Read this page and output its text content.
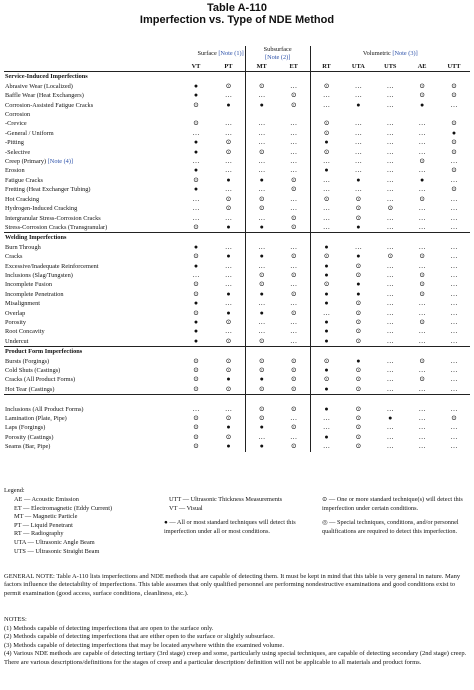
Table A-110
Imperfection vs. Type of NDE Method
	Surface [Note (1)]		Subsurface
[Note (2)]		Volumetric [Note (3)]				
	VT	PT	MT	ET	RT	UTA	UTS	AE	UTT
Service-Induced Imperfections									
Abrasive Wear (Localized)	●	⊙	⊙	…	⊙	…	…	⊙	⊙
Baffle Wear (Heat Exchangers)	●	…	…	⊙	…	…	…	⊙	⊙
Corrosion-Assisted Fatigue Cracks	⊙	●	●	⊙	…	●	…	●	…
Corrosion									
-Crevice	⊙	…	…	…	⊙	…	…	…	⊙
-General / Uniform	…	…	…	…	⊙	…	…	…	●
-Pitting	●	⊙	…	…	●	…	…	…	⊙
-Selective	●	⊙	⊙	…	⊙	…	…	…	⊙
Creep (Primary) [Note (4)]	…	…	…	…	…	…	…	⊙	…
Erosion	●	…	…	…	●	…	…	…	⊙
Fatigue Cracks	⊙	●	●	⊙	…	●	…	●	…
Fretting (Heat Exchanger Tubing)	●	…	…	⊙	…	…	…	…	⊙
Hot Cracking	…	⊙	⊙	…	⊙	⊙	…	⊙	…
Hydrogen-Induced Cracking	…	⊙	⊙	…	…	⊙	⊙	…	…
Intergranular Stress-Corrosion Cracks	…	…	…	⊙	…	⊙	…	…	…
Stress-Corrosion Cracks (Transgranular)	⊙	●	●	⊙	…	●	…	…	…
Welding Imperfections									
Burn Through	●	…	…	…	●	…	…	…	…
Cracks	⊙	●	●	⊙	⊙	●	⊙	⊙	…
Excessive/Inadequate Reinforcement	●	…	…	…	●	⊙	…	…	…
Inclusions (Slag/Tungsten)	…	…	⊙	⊙	●	⊙	…	⊙	…
Incomplete Fusion	⊙	…	⊙	…	⊙	●	…	⊙	…
Incomplete Penetration	⊙	●	●	⊙	●	●	…	⊙	…
Misalignment	●	…	…	…	●	⊙	…	…	…
Overlap	⊙	●	●	⊙	…	⊙	…	…	…
Porosity	●	⊙	…	…	●	⊙	…	⊙	…
Root Concavity	●	…	…	…	●	⊙	…	…	…
Undercut	●	⊙	⊙	…	●	⊙	…	…	…
Product Form Imperfections									
Bursts (Forgings)	⊙	⊙	⊙	⊙	⊙	●	…	⊙	…
Cold Shuts (Castings)	⊙	⊙	⊙	⊙	●	⊙	…	…	…
Cracks (All Product Forms)	⊙	●	●	⊙	⊙	⊙	…	⊙	…
Hot Tear (Castings)	⊙	⊙	⊙	⊙	●	⊙	…	…	…

Inclusions (All Product Forms)	…	…	⊙	⊙	●	⊙	…	…	…
Lamination (Plate, Pipe)	⊙	⊙	⊙	…	…	⊙	●	…	⊙
Laps (Forgings)	⊙	●	●	⊙	…	⊙	…	…	…
Porosity (Castings)	⊙	⊙	…	…	●	⊙	…	…	…
Seams (Bar, Pipe)	⊙	●	●	⊙	…	⊙	…	…	…
Legend:
AE — Acoustic Emission
ET — Electromagnetic (Eddy Current)
MT — Magnetic Particle
PT — Liquid Penetrant
RT — Radiography
UTA — Ultrasonic Angle Beam
UTS — Ultrasonic Straight Beam
UTT — Ultrasonic Thickness Measurements
VT — Visual
● — All or most standard techniques will detect this imperfection under all or most conditions.
⊙ — One or more standard technique(s) will detect this imperfection under certain conditions.
◎ — Special techniques, conditions, and/or personnel qualifications are required to detect this imperfection.
GENERAL NOTE: Table A-110 lists imperfections and NDE methods that are capable of detecting them. It must be kept in mind that this table is very general in nature. Many factors influence the detectability of imperfections. This table assumes that only qualified personnel are performing nondestructive examinations and good conditions exist to permit examination (good access, surface conditions, cleanliness, etc.).
NOTES:
(1) Methods capable of detecting imperfections that are open to the surface only.
(2) Methods capable of detecting imperfections that are either open to the surface or slightly subsurface.
(3) Methods capable of detecting imperfections that may be located anywhere within the examined volume.
(4) Various NDE methods are capable of detecting tertiary (3rd stage) creep and some, particularly using special techniques, are capable of detecting secondary (2nd stage) creep. There are various descriptions/definitions for the stages of creep and a particular description/ definition will not be applicable to all materials and product forms.
